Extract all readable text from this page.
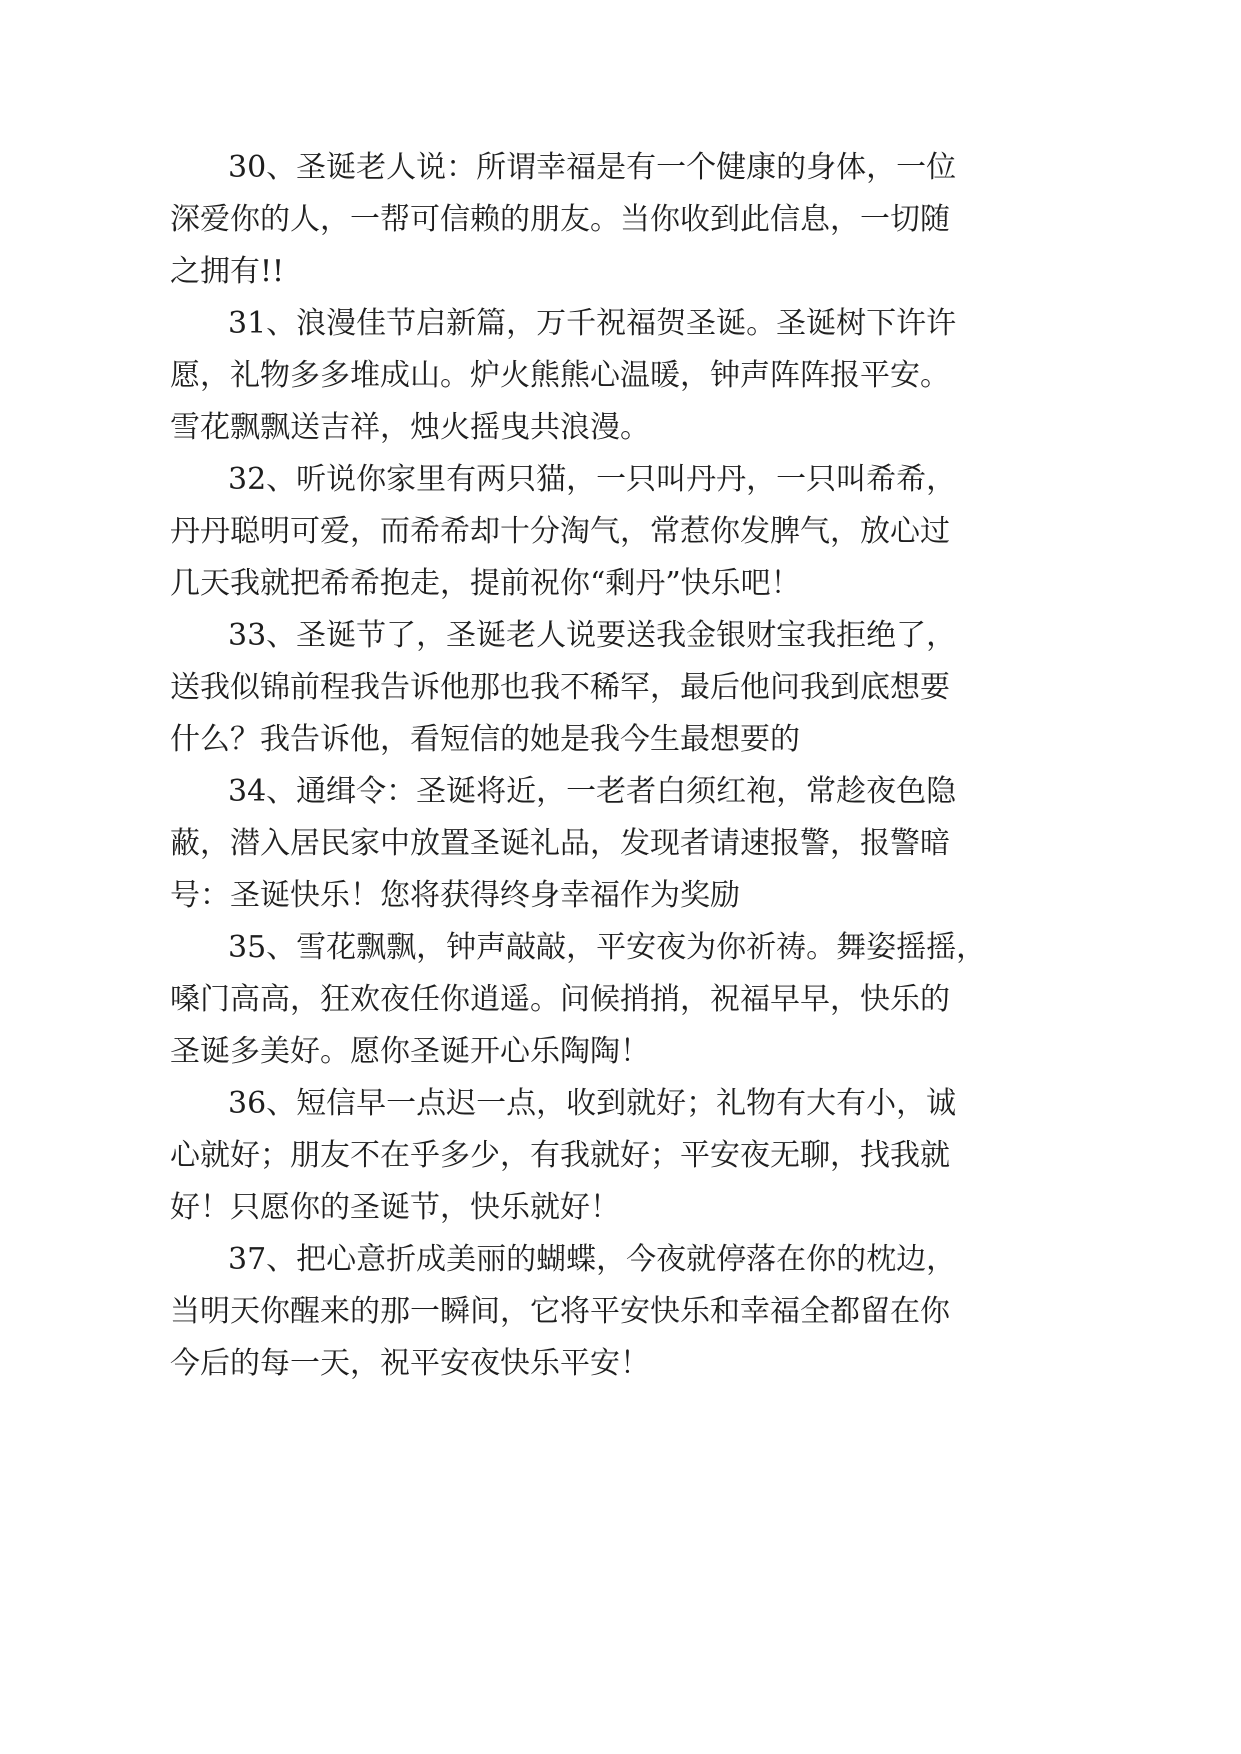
30、圣诞老人说：所谓幸福是有一个健康的身体，一位
深爱你的人，一帮可信赖的朋友。当你收到此信息，一切随
之拥有!!
31、浪漫佳节启新篇，万千祝福贺圣诞。圣诞树下许许
愿，礼物多多堆成山。炉火熊熊心温暖，钟声阵阵报平安。
雪花飘飘送吉祥，烛火摇曳共浪漫。
32、听说你家里有两只猫，一只叫丹丹，一只叫希希，
丹丹聪明可爱，而希希却十分淘气，常惹你发脾气，放心过
几天我就把希希抱走，提前祝你“剩丹”快乐吧！
33、圣诞节了，圣诞老人说要送我金银财宝我拒绝了，
送我似锦前程我告诉他那也我不稀罕，最后他问我到底想要
什么？我告诉他，看短信的她是我今生最想要的
34、通缉令：圣诞将近，一老者白须红袍，常趁夜色隐
蔽，潜入居民家中放置圣诞礼品，发现者请速报警，报警暗
号：圣诞快乐！您将获得终身幸福作为奖励
35、雪花飘飘，钟声敲敲，平安夜为你祈祷。舞姿摇摇，
嗓门高高，狂欢夜任你逍遥。问候捎捎，祝福早早，快乐的
圣诞多美好。愿你圣诞开心乐陶陶！
36、短信早一点迟一点，收到就好；礼物有大有小，诚
心就好；朋友不在乎多少，有我就好；平安夜无聊，找我就
好！只愿你的圣诞节，快乐就好！
37、把心意折成美丽的蝴蝶，今夜就停落在你的枕边，
当明天你醒来的那一瞬间，它将平安快乐和幸福全都留在你
今后的每一天，祝平安夜快乐平安！
